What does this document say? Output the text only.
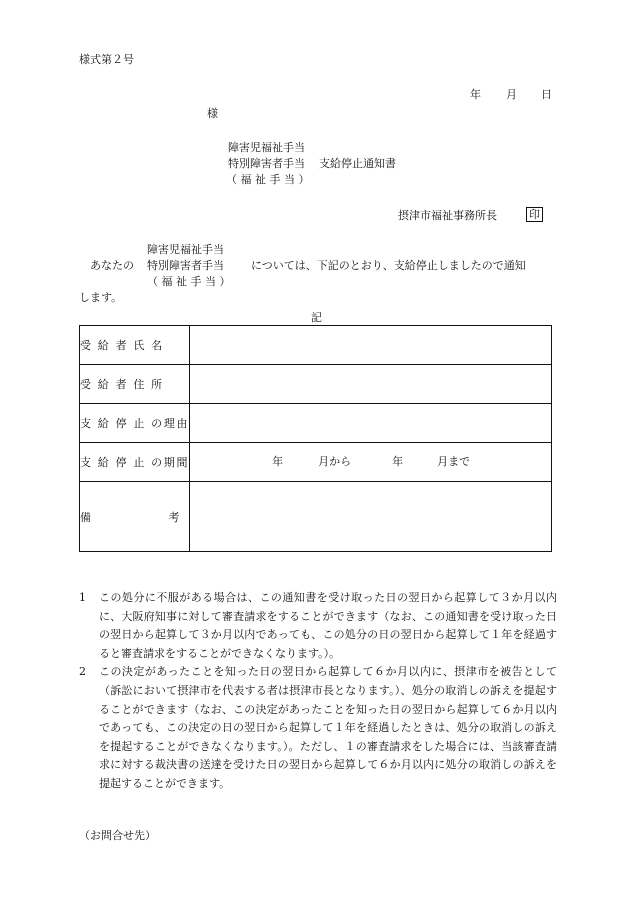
様式第２号
年 月 日
様
障害児福祉手当
特別障害者手当 支給停止通知書
（ 福 祉 手 当 ）
摂津市福祉事務所長	印
障害児福祉手当
あなたの 特別障害者手当 については、下記のとおり、支給停止しましたので通知
（ 福 祉 手 当 ）
します。
記
受 給 者 氏 名	
受 給 者 住 所	
支 給 停 止 の理由	
支 給 停 止 の期間	年 月から 年 月まで

備 考	

1	この処分に不服がある場合は、この通知書を受け取った日の翌日から起算して３か月以内に、大阪府知事に対して審査請求をすることができます（なお、この通知書を受け取った日の翌日から起算して３か月以内であっても、この処分の日の翌日から起算して１年を経過すると審査請求をすることができなくなります。）。
2	この決定があったことを知った日の翌日から起算して６か月以内に、摂津市を被告として（訴訟において摂津市を代表する者は摂津市長となります。）、処分の取消しの訴えを提起することができます（なお、この決定があったことを知った日の翌日から起算して６か月以内であっても、この決定の日の翌日から起算して１年を経過したときは、処分の取消しの訴えを提起することができなくなります。）。ただし、１の審査請求をした場合には、当該審査請求に対する裁決書の送達を受けた日の翌日から起算して６か月以内に処分の取消しの訴えを提起することができます。
（お問合せ先）
